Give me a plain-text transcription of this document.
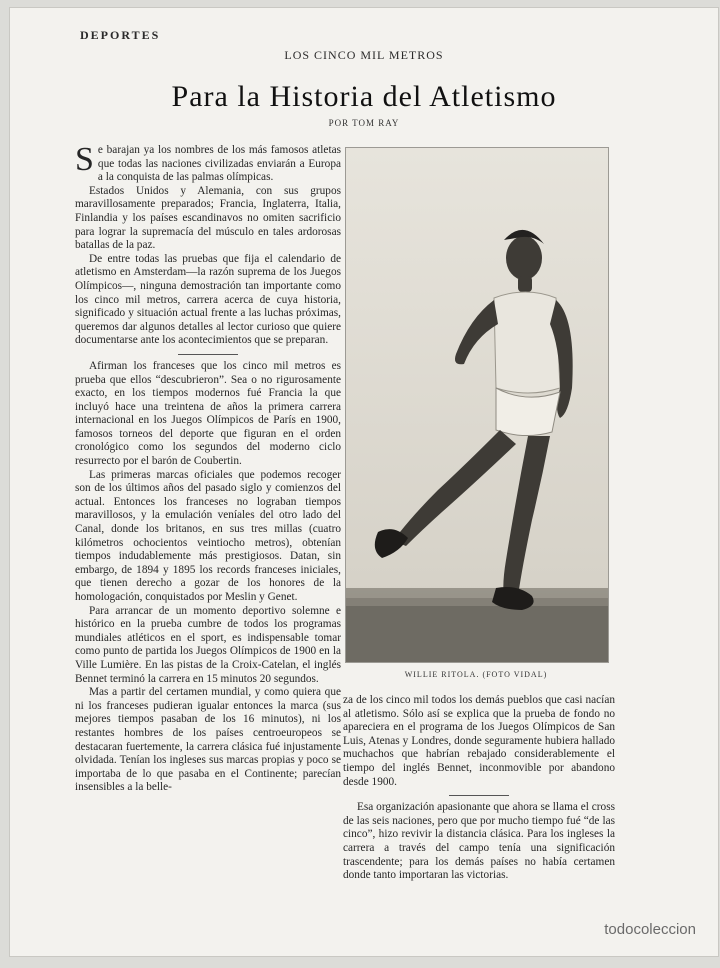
DEPORTES
LOS CINCO MIL METROS
Para la Historia del Atletismo
POR TOM RAY

Se barajan ya los nombres de los más famosos atletas que todas las naciones civilizadas enviarán a Europa a la conquista de las palmas olímpicas.

Estados Unidos y Alemania, con sus grupos maravillosamente preparados; Francia, Inglaterra, Italia, Finlandia y los países escandinavos no omiten sacrificio para lograr la supremacía del músculo en tales ardorosas batallas de la paz.

De entre todas las pruebas que fija el calendario de atletismo en Amsterdam—la razón suprema de los Juegos Olímpicos—, ninguna demostración tan importante como los cinco mil metros, carrera acerca de cuya historia, significado y situación actual frente a las luchas próximas, queremos dar algunos detalles al lector curioso que quiere documentarse ante los acontecimientos que se preparan.

Afirman los franceses que los cinco mil metros es prueba que ellos “descubrieron”. Sea o no rigurosamente exacto, en los tiempos modernos fué Francia la que incluyó hace una treintena de años la primera carrera internacional en los Juegos Olímpicos de París en 1900, famosos torneos del deporte que figuran en el orden cronológico como los segundos del moderno ciclo resurrecto por el barón de Coubertin.

Las primeras marcas oficiales que podemos recoger son de los últimos años del pasado siglo y comienzos del actual. Entonces los franceses no lograban tiempos maravillosos, y la emulación veníales del otro lado del Canal, donde los britanos, en sus tres millas (cuatro kilómetros ochocientos veintiocho metros), obtenían tiempos indudablemente más prestigiosos. Datan, sin embargo, de 1894 y 1895 los records franceses iniciales, que tienen derecho a gozar de los honores de la homologación, conquistados por Meslin y Genet.

Para arrancar de un momento deportivo solemne e histórico en la prueba cumbre de todos los programas mundiales atléticos en el sport, es indispensable tomar como punto de partida los Juegos Olímpicos de 1900 en la Ville Lumière. En las pistas de la Croix-Catelan, el inglés Bennet terminó la carrera en 15 minutos 20 segundos.

Mas a partir del certamen mundial, y como quiera que ni los franceses pudieran igualar entonces la marca (sus mejores tiempos pasaban de los 16 minutos), ni los restantes hombres de los países centroeuropeos se destacaran fuertemente, la carrera clásica fué injustamente olvidada. Tenían los ingleses sus marcas propias y poco se importaba de lo que pasaba en el Continente; parecían insensibles a la belle-

WILLIE RITOLA. (FOTO VIDAL)

za de los cinco mil todos los demás pueblos que casi nacían al atletismo. Sólo así se explica que la prueba de fondo no apareciera en el programa de los Juegos Olímpicos de San Luis, Atenas y Londres, donde seguramente hubiera hallado muchachos que habrían rebajado considerablemente el tiempo del inglés Bennet, inconmovible por abandono desde 1900.

Esa organización apasionante que ahora se llama el cross de las seis naciones, pero que por mucho tiempo fué “de las cinco”, hizo revivir la distancia clásica. Para los ingleses la carrera a través del campo tenía una significación trascendente; para los demás países no había certamen donde tanto importaran las victorias.

todocoleccion
